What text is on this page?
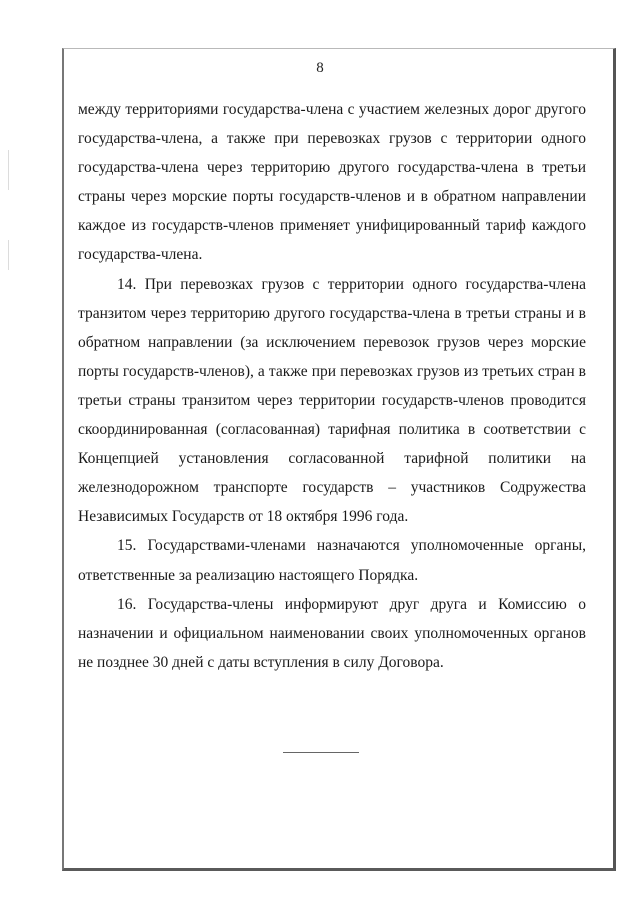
8

между территориями государства-члена с участием железных дорог другого государства-члена, а также при перевозках грузов с территории одного государства-члена через территорию другого государства-члена в третьи страны через морские порты государств-членов и в обратном направлении каждое из государств-членов применяет унифицированный тариф каждого государства-члена.

14. При перевозках грузов с территории одного государства-члена транзитом через территорию другого государства-члена в третьи страны и в обратном направлении (за исключением перевозок грузов через морские порты государств-членов), а также при перевозках грузов из третьих стран в третьи страны транзитом через территории государств-членов проводится скоординированная (согласованная) тарифная политика в соответствии с Концепцией установления согласованной тарифной политики на железнодорожном транспорте государств – участников Содружества Независимых Государств от 18 октября 1996 года.

15. Государствами-членами назначаются уполномоченные органы, ответственные за реализацию настоящего Порядка.

16. Государства-члены информируют друг друга и Комиссию о назначении и официальном наименовании своих уполномоченных органов не позднее 30 дней с даты вступления в силу Договора.
